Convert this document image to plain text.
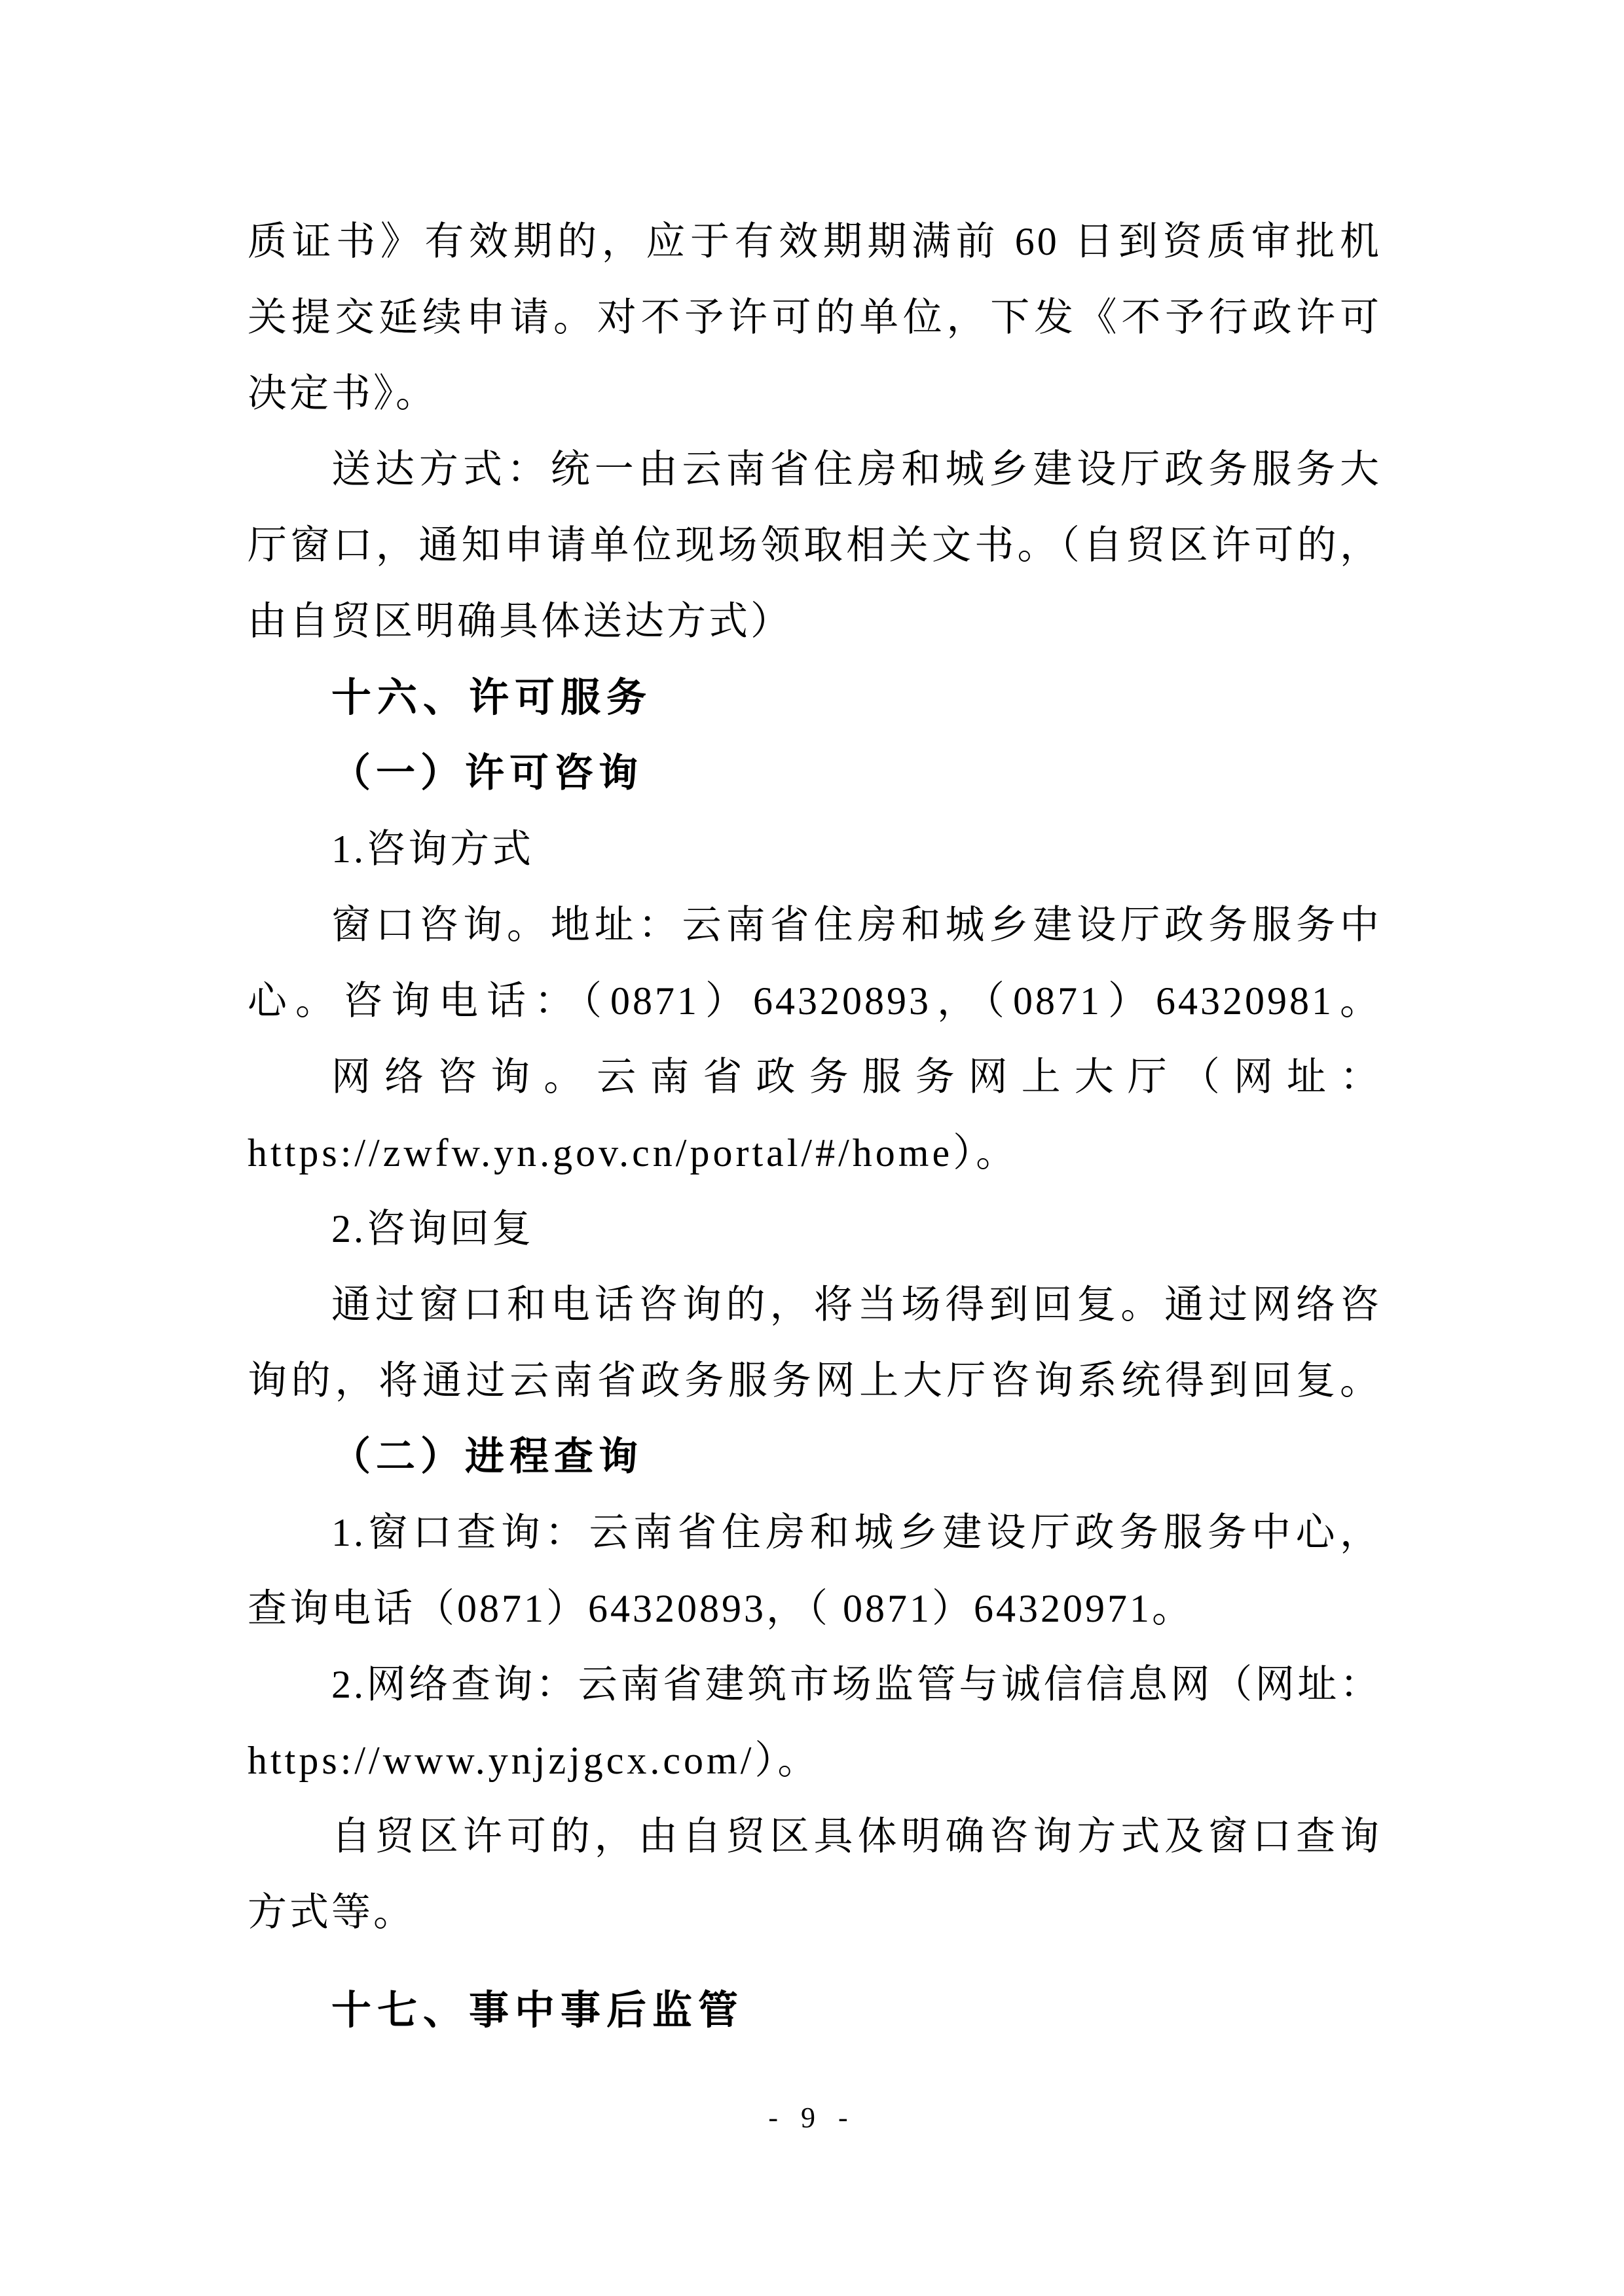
质证书》有效期的，应于有效期期满前 60 日到资质审批机
关提交延续申请。对不予许可的单位，下发《不予行政许可
决定书》。
送达方式：统一由云南省住房和城乡建设厅政务服务大
厅窗口，通知申请单位现场领取相关文书。（自贸区许可的，
由自贸区明确具体送达方式）
十六、许可服务
（一）许可咨询
1.咨询方式
窗口咨询。地址：云南省住房和城乡建设厅政务服务中
心。咨询电话：（0871）64320893，（0871）64320981。
网络咨询。云南省政务服务网上大厅（网址：
https://zwfw.yn.gov.cn/portal/#/home）。
2.咨询回复
通过窗口和电话咨询的，将当场得到回复。通过网络咨
询的，将通过云南省政务服务网上大厅咨询系统得到回复。
（二）进程查询
1.窗口查询：云南省住房和城乡建设厅政务服务中心，
查询电话（0871）64320893，（ 0871）64320971。
2.网络查询：云南省建筑市场监管与诚信信息网（网址：
https://www.ynjzjgcx.com/）。
自贸区许可的，由自贸区具体明确咨询方式及窗口查询
方式等。
十七、事中事后监管
- 9 -
